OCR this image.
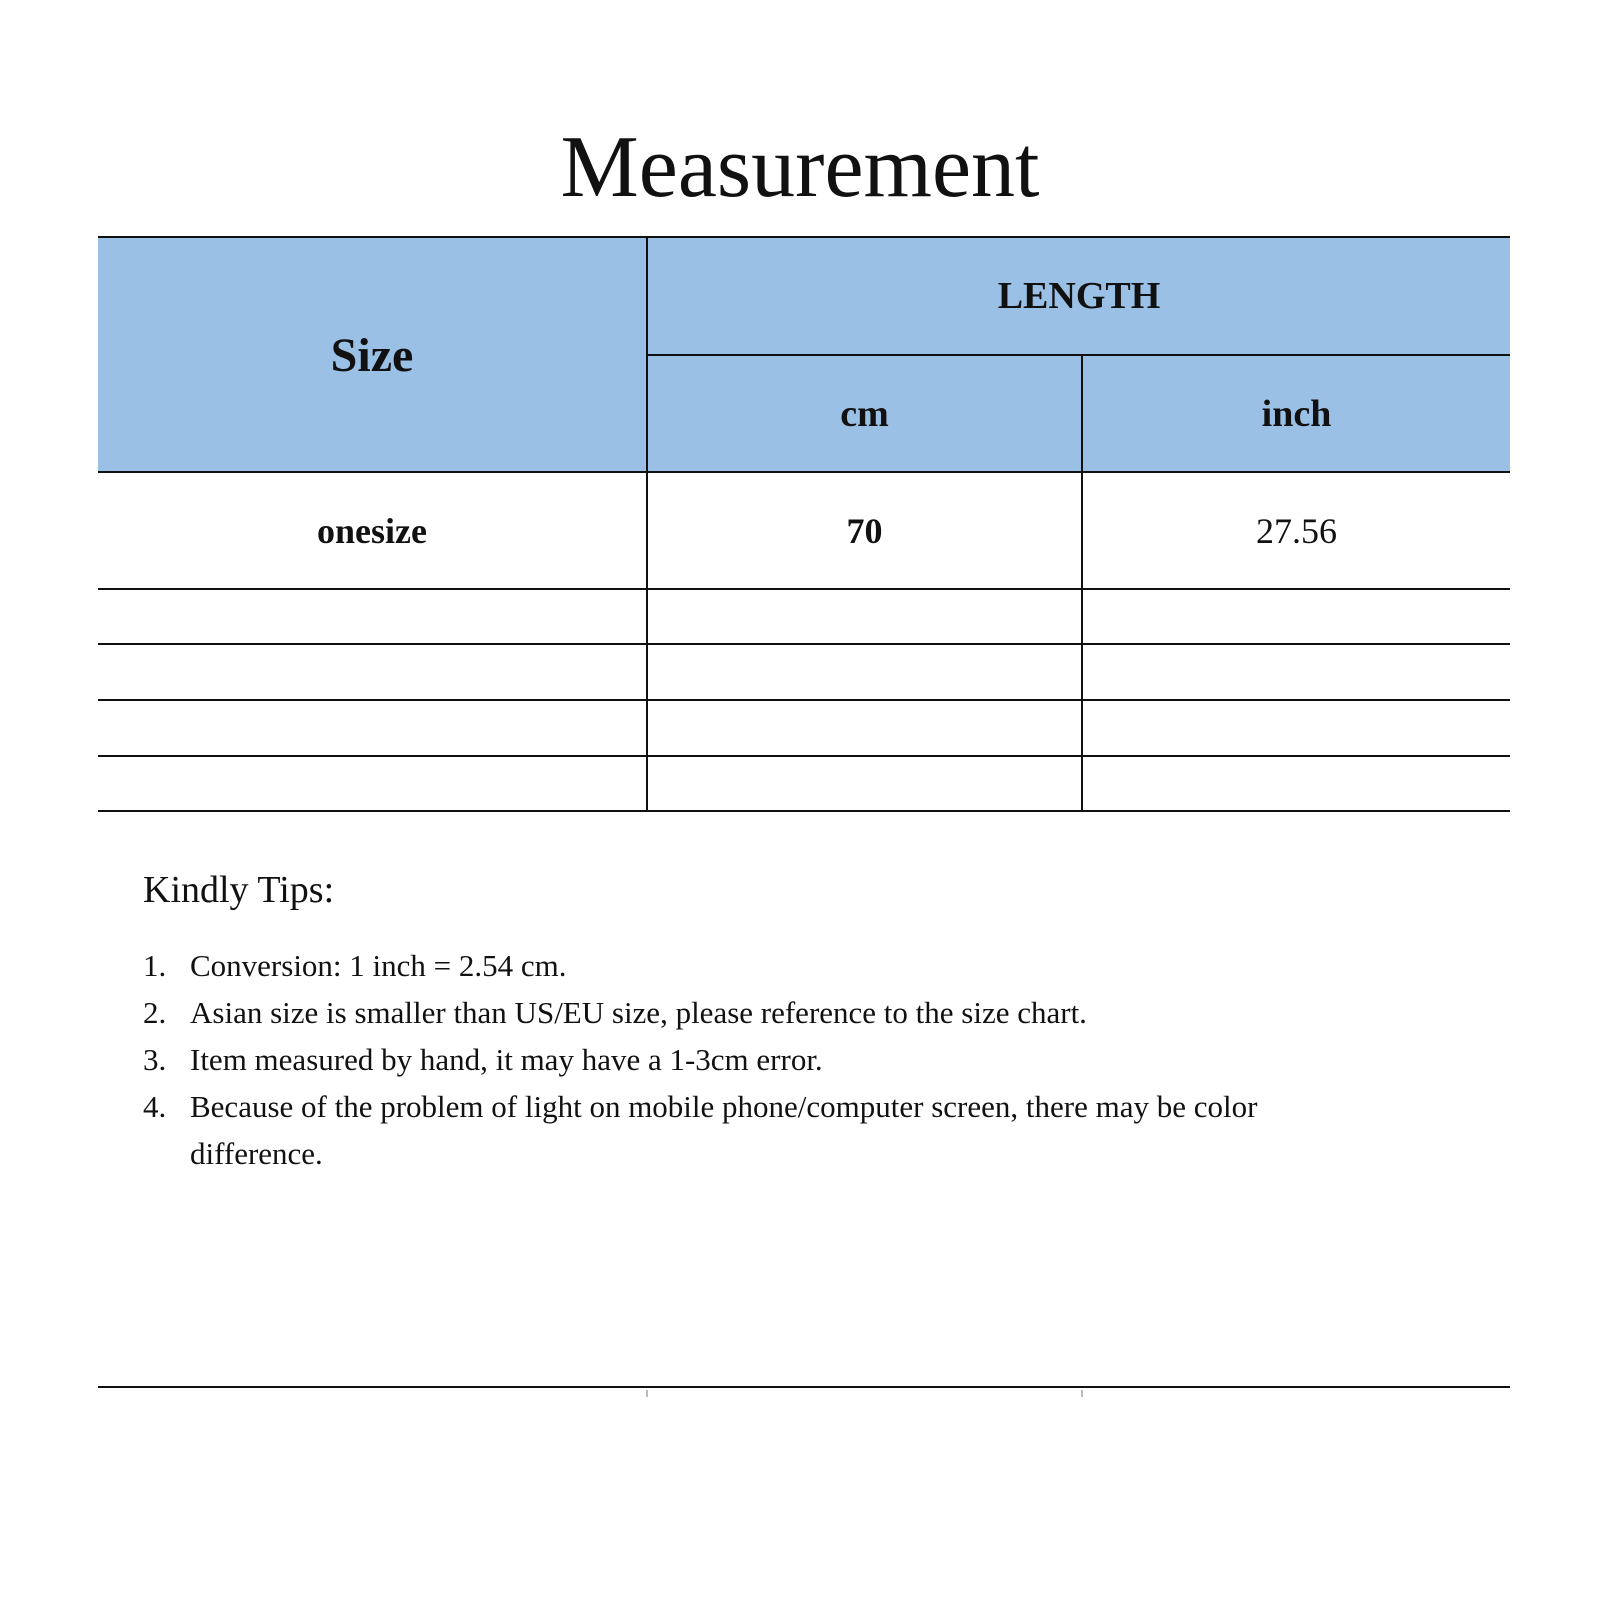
Measurement
Size
LENGTH
cm	inch
onesize	70	27.56
Kindly Tips:
1. Conversion: 1 inch = 2.54 cm.
2. Asian size is smaller than US/EU size, please reference to the size chart.
3. Item measured by hand, it may have a 1-3cm error.
4. Because of the problem of light on mobile phone/computer screen, there may be color difference.
